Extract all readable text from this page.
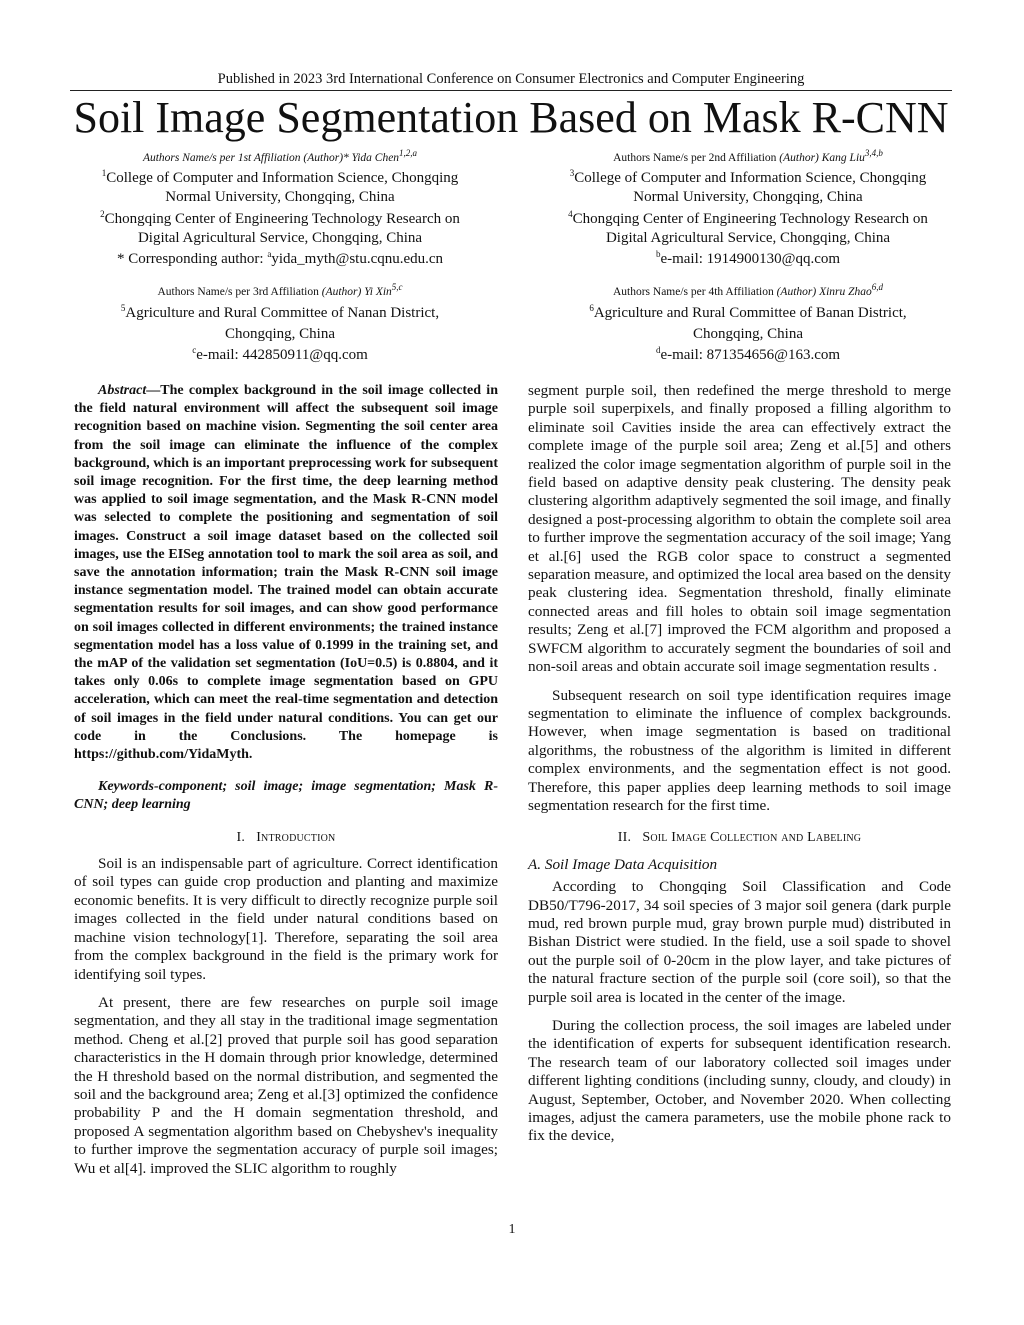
Published in 2023 3rd International Conference on Consumer Electronics and Computer Engineering
Soil Image Segmentation Based on Mask R-CNN
Authors Name/s per 1st Affiliation (Author)* Yida Chen$^{1,2,a}$
$^1$College of Computer and Information Science, Chongqing Normal University, Chongqing, China
$^2$Chongqing Center of Engineering Technology Research on Digital Agricultural Service, Chongqing, China
* Corresponding author: $^a$yida_myth@stu.cqnu.edu.cn
Authors Name/s per 2nd Affiliation (Author) Kang Liu$^{3,4,b}$
$^3$College of Computer and Information Science, Chongqing Normal University, Chongqing, China
$^4$Chongqing Center of Engineering Technology Research on Digital Agricultural Service, Chongqing, China
$^b$e-mail: 1914900130@qq.com
Authors Name/s per 3rd Affiliation (Author) Yi Xin$^{5,c}$
$^5$Agriculture and Rural Committee of Nanan District,
Chongqing, China
$^c$e-mail: 442850911@qq.com
Authors Name/s per 4th Affiliation (Author) Xinru Zhao$^{6,d}$
$^6$Agriculture and Rural Committee of Banan District,
Chongqing, China
$^d$e-mail: 871354656@163.com
Abstract—The complex background in the soil image collected in the field natural environment will affect the subsequent soil image recognition based on machine vision. Segmenting the soil center area from the soil image can eliminate the influence of the complex background, which is an important preprocessing work for subsequent soil image recognition. For the first time, the deep learning method was applied to soil image segmentation, and the Mask R-CNN model was selected to complete the positioning and segmentation of soil images. Construct a soil image dataset based on the collected soil images, use the EISeg annotation tool to mark the soil area as soil, and save the annotation information; train the Mask R-CNN soil image instance segmentation model. The trained model can obtain accurate segmentation results for soil images, and can show good performance on soil images collected in different environments; the trained instance segmentation model has a loss value of 0.1999 in the training set, and the mAP of the validation set segmentation (IoU=0.5) is 0.8804, and it takes only 0.06s to complete image segmentation based on GPU acceleration, which can meet the real-time segmentation and detection of soil images in the field under natural conditions. You can get our code in the Conclusions. The homepage is https://github.com/YidaMyth.
Keywords-component; soil image; image segmentation; Mask R-CNN; deep learning
I. Introduction

Soil is an indispensable part of agriculture. Correct identification of soil types can guide crop production and planting and maximize economic benefits. It is very difficult to directly recognize purple soil images collected in the field under natural conditions based on machine vision technology[1]. Therefore, separating the soil area from the complex background in the field is the primary work for identifying soil types.

At present, there are few researches on purple soil image segmentation, and they all stay in the traditional image segmentation method. Cheng et al.[2] proved that purple soil has good separation characteristics in the H domain through prior knowledge, determined the H threshold based on the normal distribution, and segmented the soil and the background area; Zeng et al.[3] optimized the confidence probability P and the H domain segmentation threshold, and proposed A segmentation algorithm based on Chebyshev's inequality to further improve the segmentation accuracy of purple soil images; Wu et al[4]. improved the SLIC algorithm to roughly

segment purple soil, then redefined the merge threshold to merge purple soil superpixels, and finally proposed a filling algorithm to eliminate soil Cavities inside the area can effectively extract the complete image of the purple soil area; Zeng et al.[5] and others realized the color image segmentation algorithm of purple soil in the field based on adaptive density peak clustering. The density peak clustering algorithm adaptively segmented the soil image, and finally designed a post-processing algorithm to obtain the complete soil area to further improve the segmentation accuracy of the soil image; Yang et al.[6] used the RGB color space to construct a segmented separation measure, and optimized the local area based on the density peak clustering idea. Segmentation threshold, finally eliminate connected areas and fill holes to obtain soil image segmentation results; Zeng et al.[7] improved the FCM algorithm and proposed a SWFCM algorithm to accurately segment the boundaries of soil and non-soil areas and obtain accurate soil image segmentation results .

Subsequent research on soil type identification requires image segmentation to eliminate the influence of complex backgrounds. However, when image segmentation is based on traditional algorithms, the robustness of the algorithm is limited in different complex environments, and the segmentation effect is not good. Therefore, this paper applies deep learning methods to soil image segmentation research for the first time.

II. Soil Image Collection and Labeling

A. Soil Image Data Acquisition

According to Chongqing Soil Classification and Code DB50/T796-2017, 34 soil species of 3 major soil genera (dark purple mud, red brown purple mud, gray brown purple mud) distributed in Bishan District were studied. In the field, use a soil spade to shovel out the purple soil of 0-20cm in the plow layer, and take pictures of the natural fracture section of the purple soil (core soil), so that the purple soil area is located in the center of the image.

During the collection process, the soil images are labeled under the identification of experts for subsequent identification research. The research team of our laboratory collected soil images under different lighting conditions (including sunny, cloudy, and cloudy) in August, September, October, and November 2020. When collecting images, adjust the camera parameters, use the mobile phone rack to fix the device,

1
